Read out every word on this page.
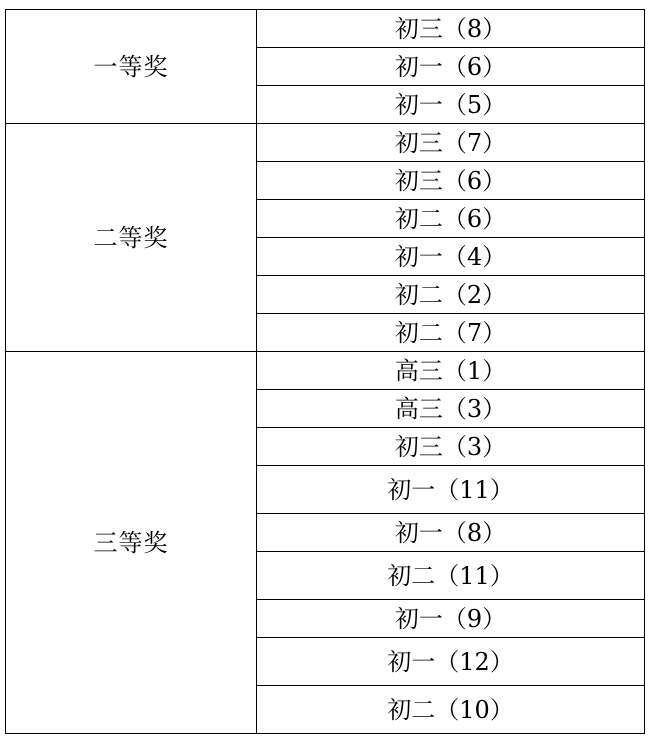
一等奖	初三（8）
	初一（6）
	初一（5）
二等奖	初三（7）
	初三（6）
	初二（6）
	初一（4）
	初二（2）
	初二（7）
三等奖	高三（1）
	高三（3）
	初三（3）
	初一（11）
	初一（8）
	初二（11）
	初一（9）
	初一（12）
	初二（10）
